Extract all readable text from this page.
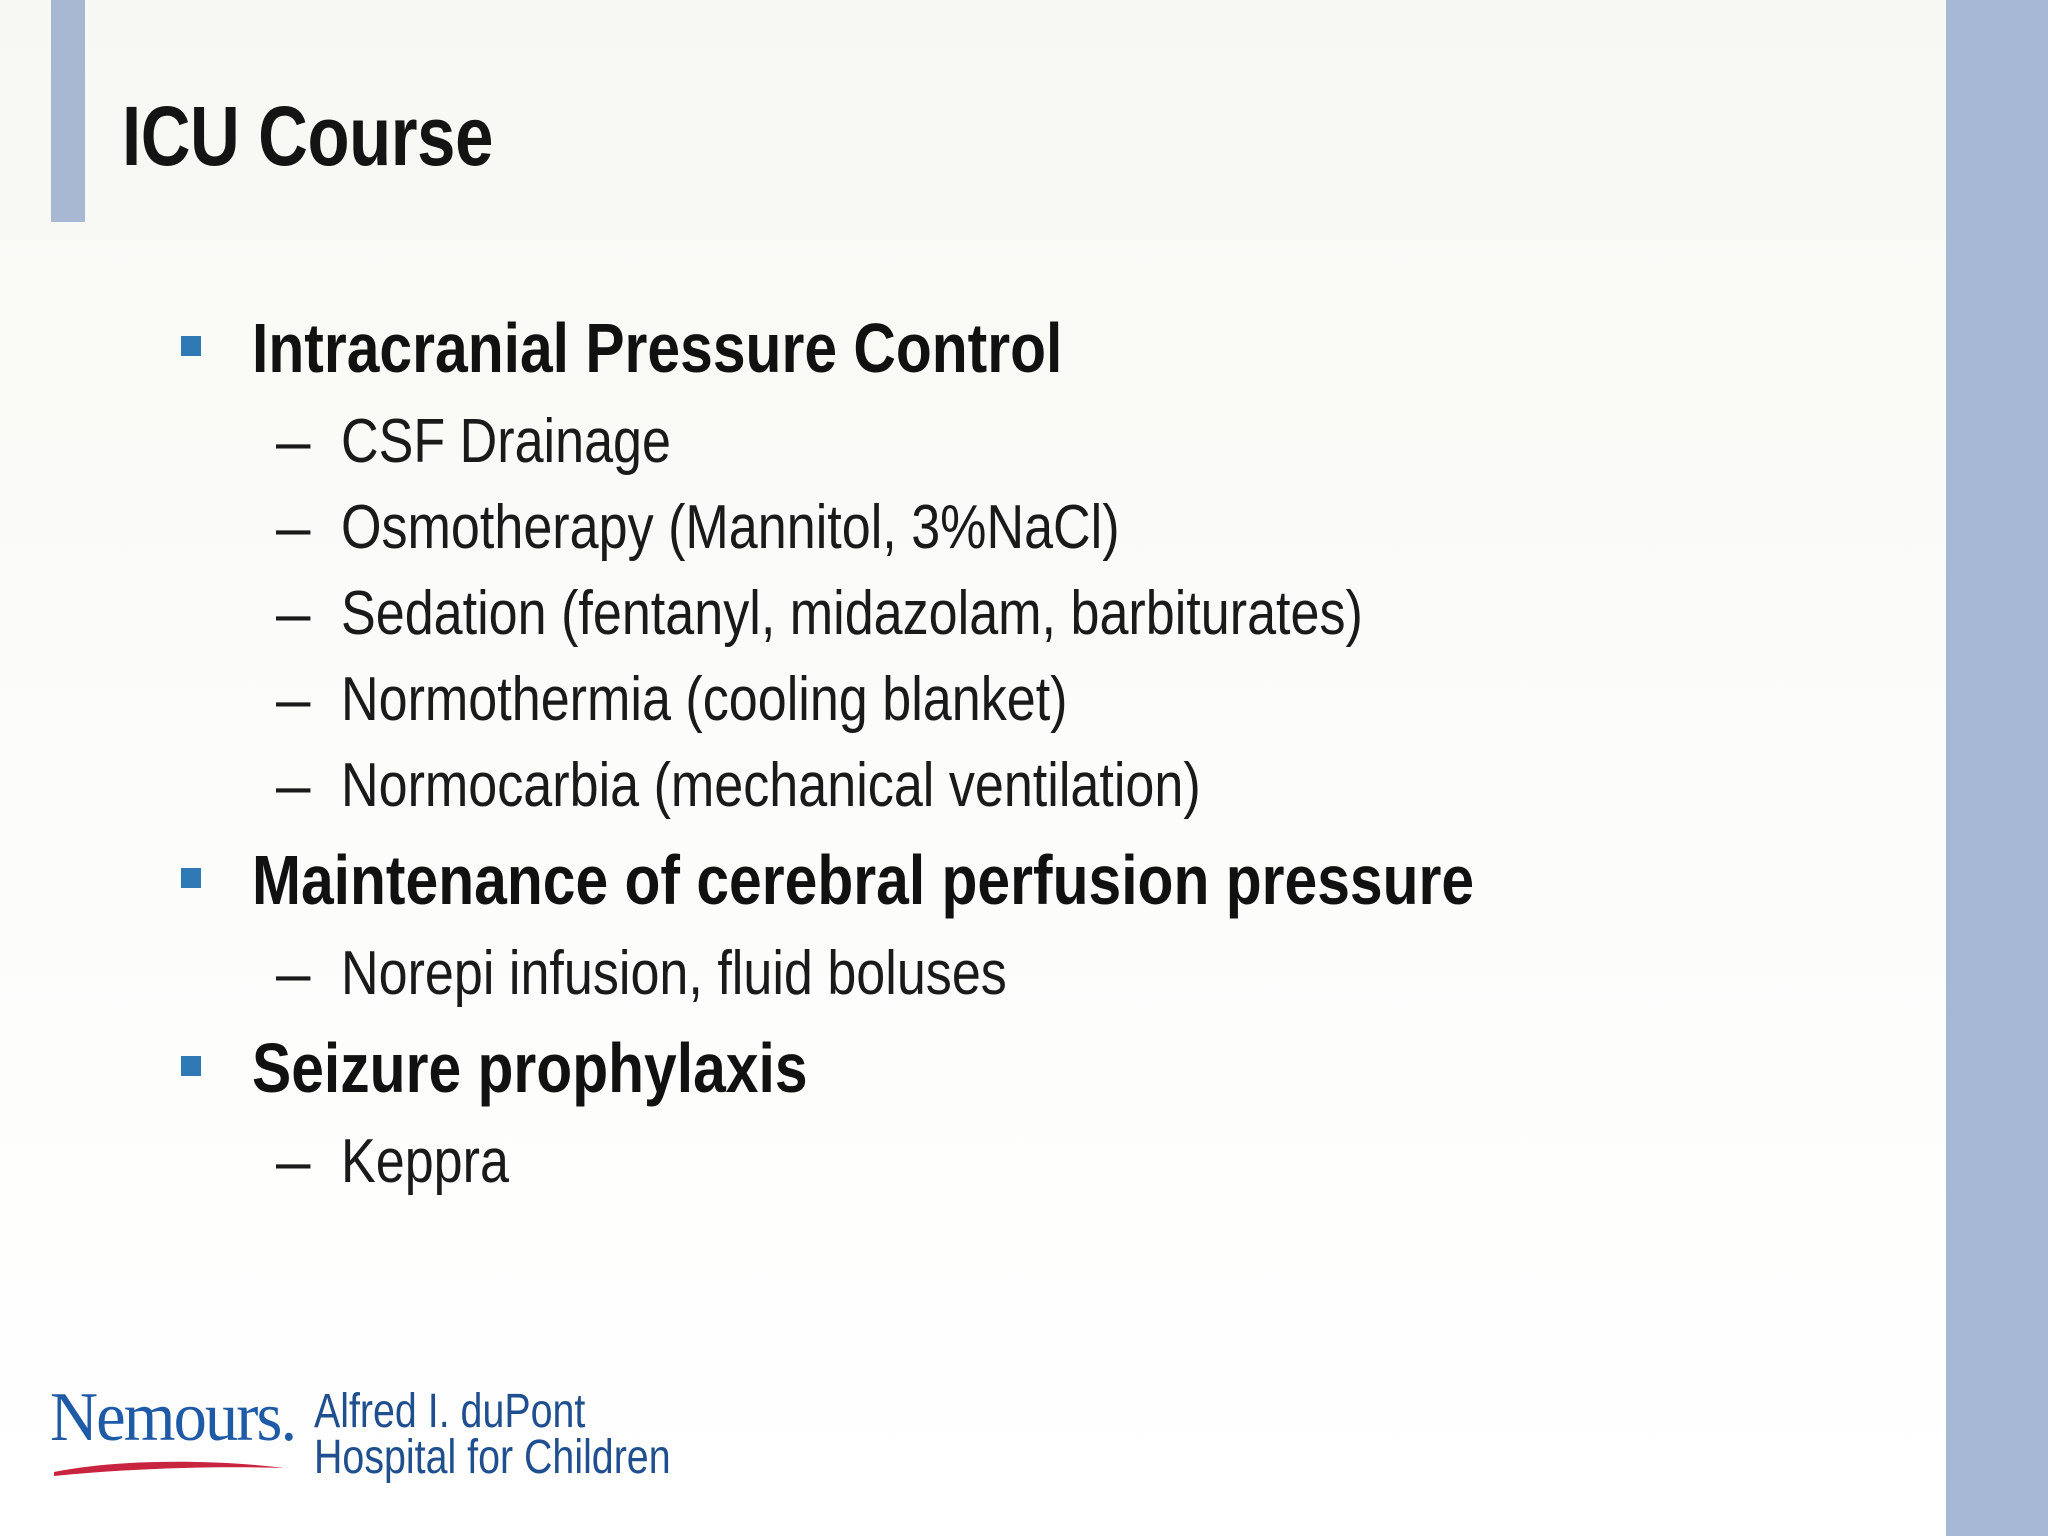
ICU Course
Intracranial Pressure Control
– CSF Drainage
– Osmotherapy (Mannitol, 3%NaCl)
– Sedation (fentanyl, midazolam, barbiturates)
– Normothermia (cooling blanket)
– Normocarbia (mechanical ventilation)
Maintenance of cerebral perfusion pressure
– Norepi infusion, fluid boluses
Seizure prophylaxis
– Keppra
Nemours. Alfred I. duPont
Hospital for Children
